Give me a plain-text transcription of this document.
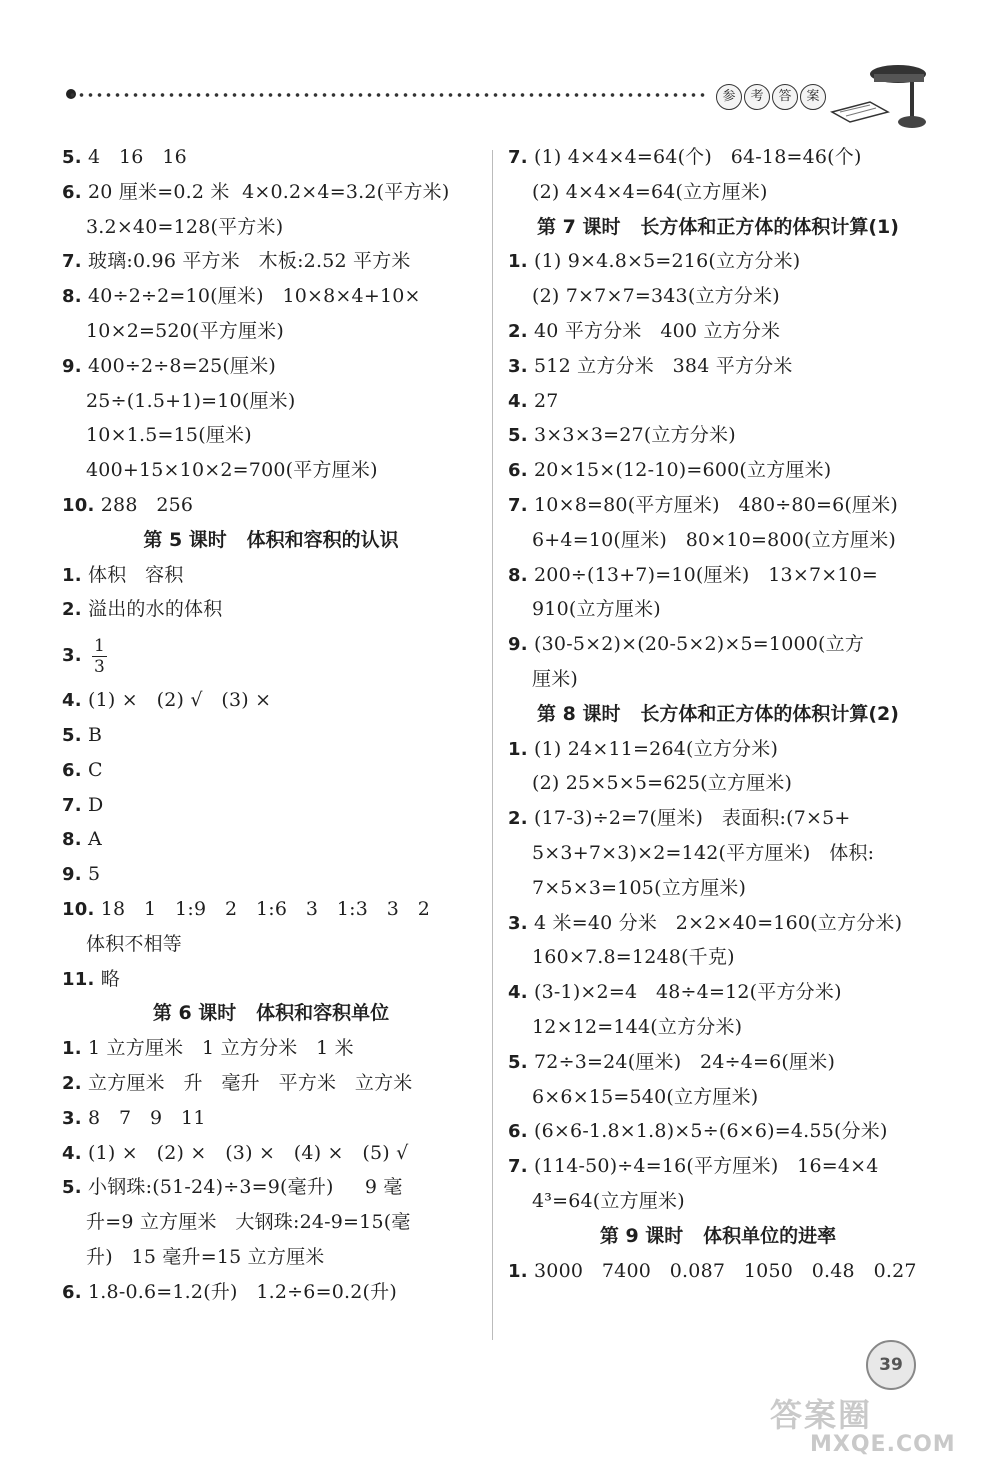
参	考	答	案
5. 4   16   16
6. 20 厘米=0.2 米  4×0.2×4=3.2(平方米)
3.2×40=128(平方米)
7. 玻璃:0.96 平方米   木板:2.52 平方米
8. 40÷2÷2=10(厘米)   10×8×4+10×
10×2=520(平方厘米)
9. 400÷2÷8=25(厘米)
25÷(1.5+1)=10(厘米)
10×1.5=15(厘米)
400+15×10×2=700(平方厘米)
10. 288   256
第 5 课时   体积和容积的认识
1. 体积   容积
2. 溢出的水的体积
3. $\frac{1}{3}$
4. (1) ×   (2) √   (3) ×
5. B
6. C
7. D
8. A
9. 5
10. 18   1   1:9   2   1:6   3   1:3   3   2
体积不相等
11. 略
第 6 课时   体积和容积单位
1. 1 立方厘米   1 立方分米   1 米
2. 立方厘米   升   毫升   平方米   立方米
3. 8   7   9   11
4. (1) ×   (2) ×   (3) ×   (4) ×   (5) √
5. 小钢珠:(51-24)÷3=9(毫升)     9 毫
升=9 立方厘米   大钢珠:24-9=15(毫
升)   15 毫升=15 立方厘米
6. 1.8-0.6=1.2(升)   1.2÷6=0.2(升)
7. (1) 4×4×4=64(个)   64-18=46(个)
(2) 4×4×4=64(立方厘米)
第 7 课时   长方体和正方体的体积计算(1)
1. (1) 9×4.8×5=216(立方分米)
(2) 7×7×7=343(立方分米)
2. 40 平方分米   400 立方分米
3. 512 立方分米   384 平方分米
4. 27
5. 3×3×3=27(立方分米)
6. 20×15×(12-10)=600(立方厘米)
7. 10×8=80(平方厘米)   480÷80=6(厘米)
6+4=10(厘米)   80×10=800(立方厘米)
8. 200÷(13+7)=10(厘米)   13×7×10=
910(立方厘米)
9. (30-5×2)×(20-5×2)×5=1000(立方
厘米)
第 8 课时   长方体和正方体的体积计算(2)
1. (1) 24×11=264(立方分米)
(2) 25×5×5=625(立方厘米)
2. (17-3)÷2=7(厘米)   表面积:(7×5+
5×3+7×3)×2=142(平方厘米)   体积:
7×5×3=105(立方厘米)
3. 4 米=40 分米   2×2×40=160(立方分米)
160×7.8=1248(千克)
4. (3-1)×2=4   48÷4=12(平方分米)
12×12=144(立方分米)
5. 72÷3=24(厘米)   24÷4=6(厘米)
6×6×15=540(立方厘米)
6. (6×6-1.8×1.8)×5÷(6×6)=4.55(分米)
7. (114-50)÷4=16(平方厘米)   16=4×4
4³=64(立方厘米)
第 9 课时   体积单位的进率
1. 3000   7400   0.087   1050   0.48   0.27
39
答案圈
MXQE.COM
